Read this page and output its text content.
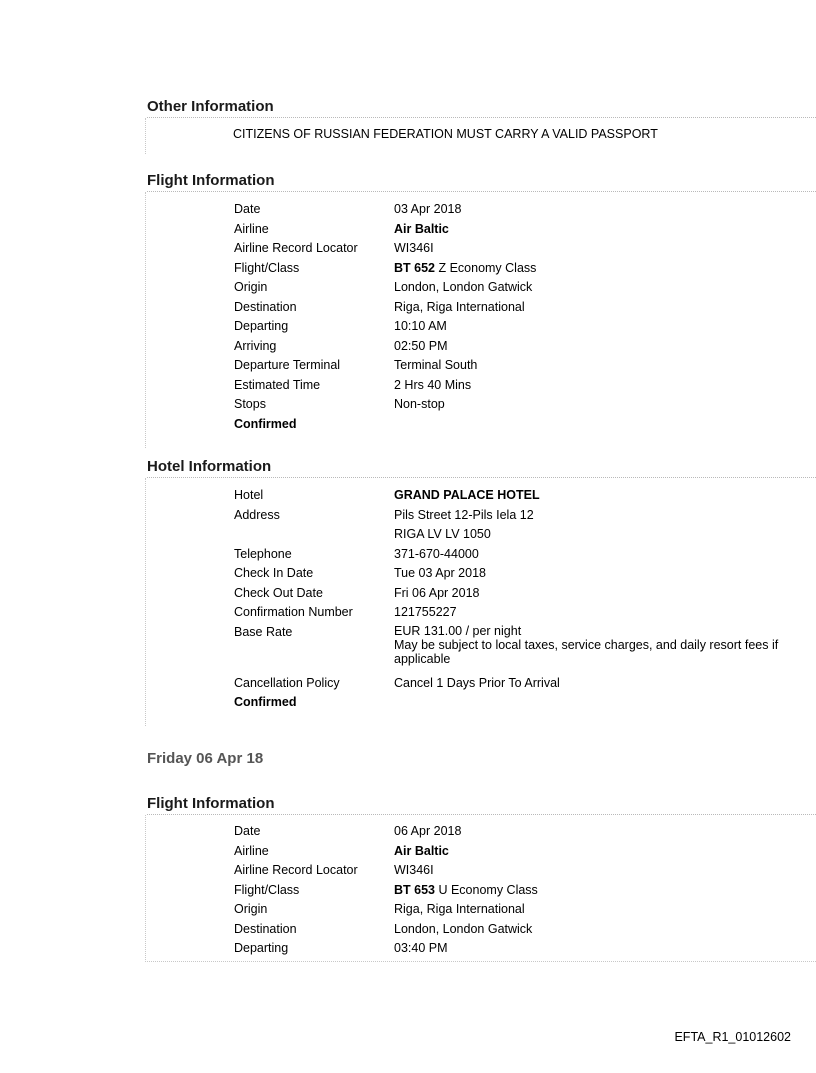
Other Information
CITIZENS OF RUSSIAN FEDERATION MUST CARRY A VALID PASSPORT
Flight Information
Date	03 Apr 2018
Airline	Air Baltic
Airline Record Locator	WI346I
Flight/Class	BT 652 Z Economy Class
Origin	London, London Gatwick
Destination	Riga, Riga International
Departing	10:10 AM
Arriving	02:50 PM
Departure Terminal	Terminal South
Estimated Time	2 Hrs 40 Mins
Stops	Non-stop
Confirmed
Hotel Information
Hotel	GRAND PALACE HOTEL
Address	Pils Street 12-Pils Iela 12
RIGA LV LV 1050
Telephone	371-670-44000
Check In Date	Tue 03 Apr 2018
Check Out Date	Fri 06 Apr 2018
Confirmation Number	121755227
Base Rate	EUR 131.00 / per night
May be subject to local taxes, service charges, and daily resort fees if applicable
Cancellation Policy	Cancel 1 Days Prior To Arrival
Confirmed
Friday 06 Apr 18
Flight Information
Date	06 Apr 2018
Airline	Air Baltic
Airline Record Locator	WI346I
Flight/Class	BT 653 U Economy Class
Origin	Riga, Riga International
Destination	London, London Gatwick
Departing	03:40 PM
EFTA_R1_01012602
